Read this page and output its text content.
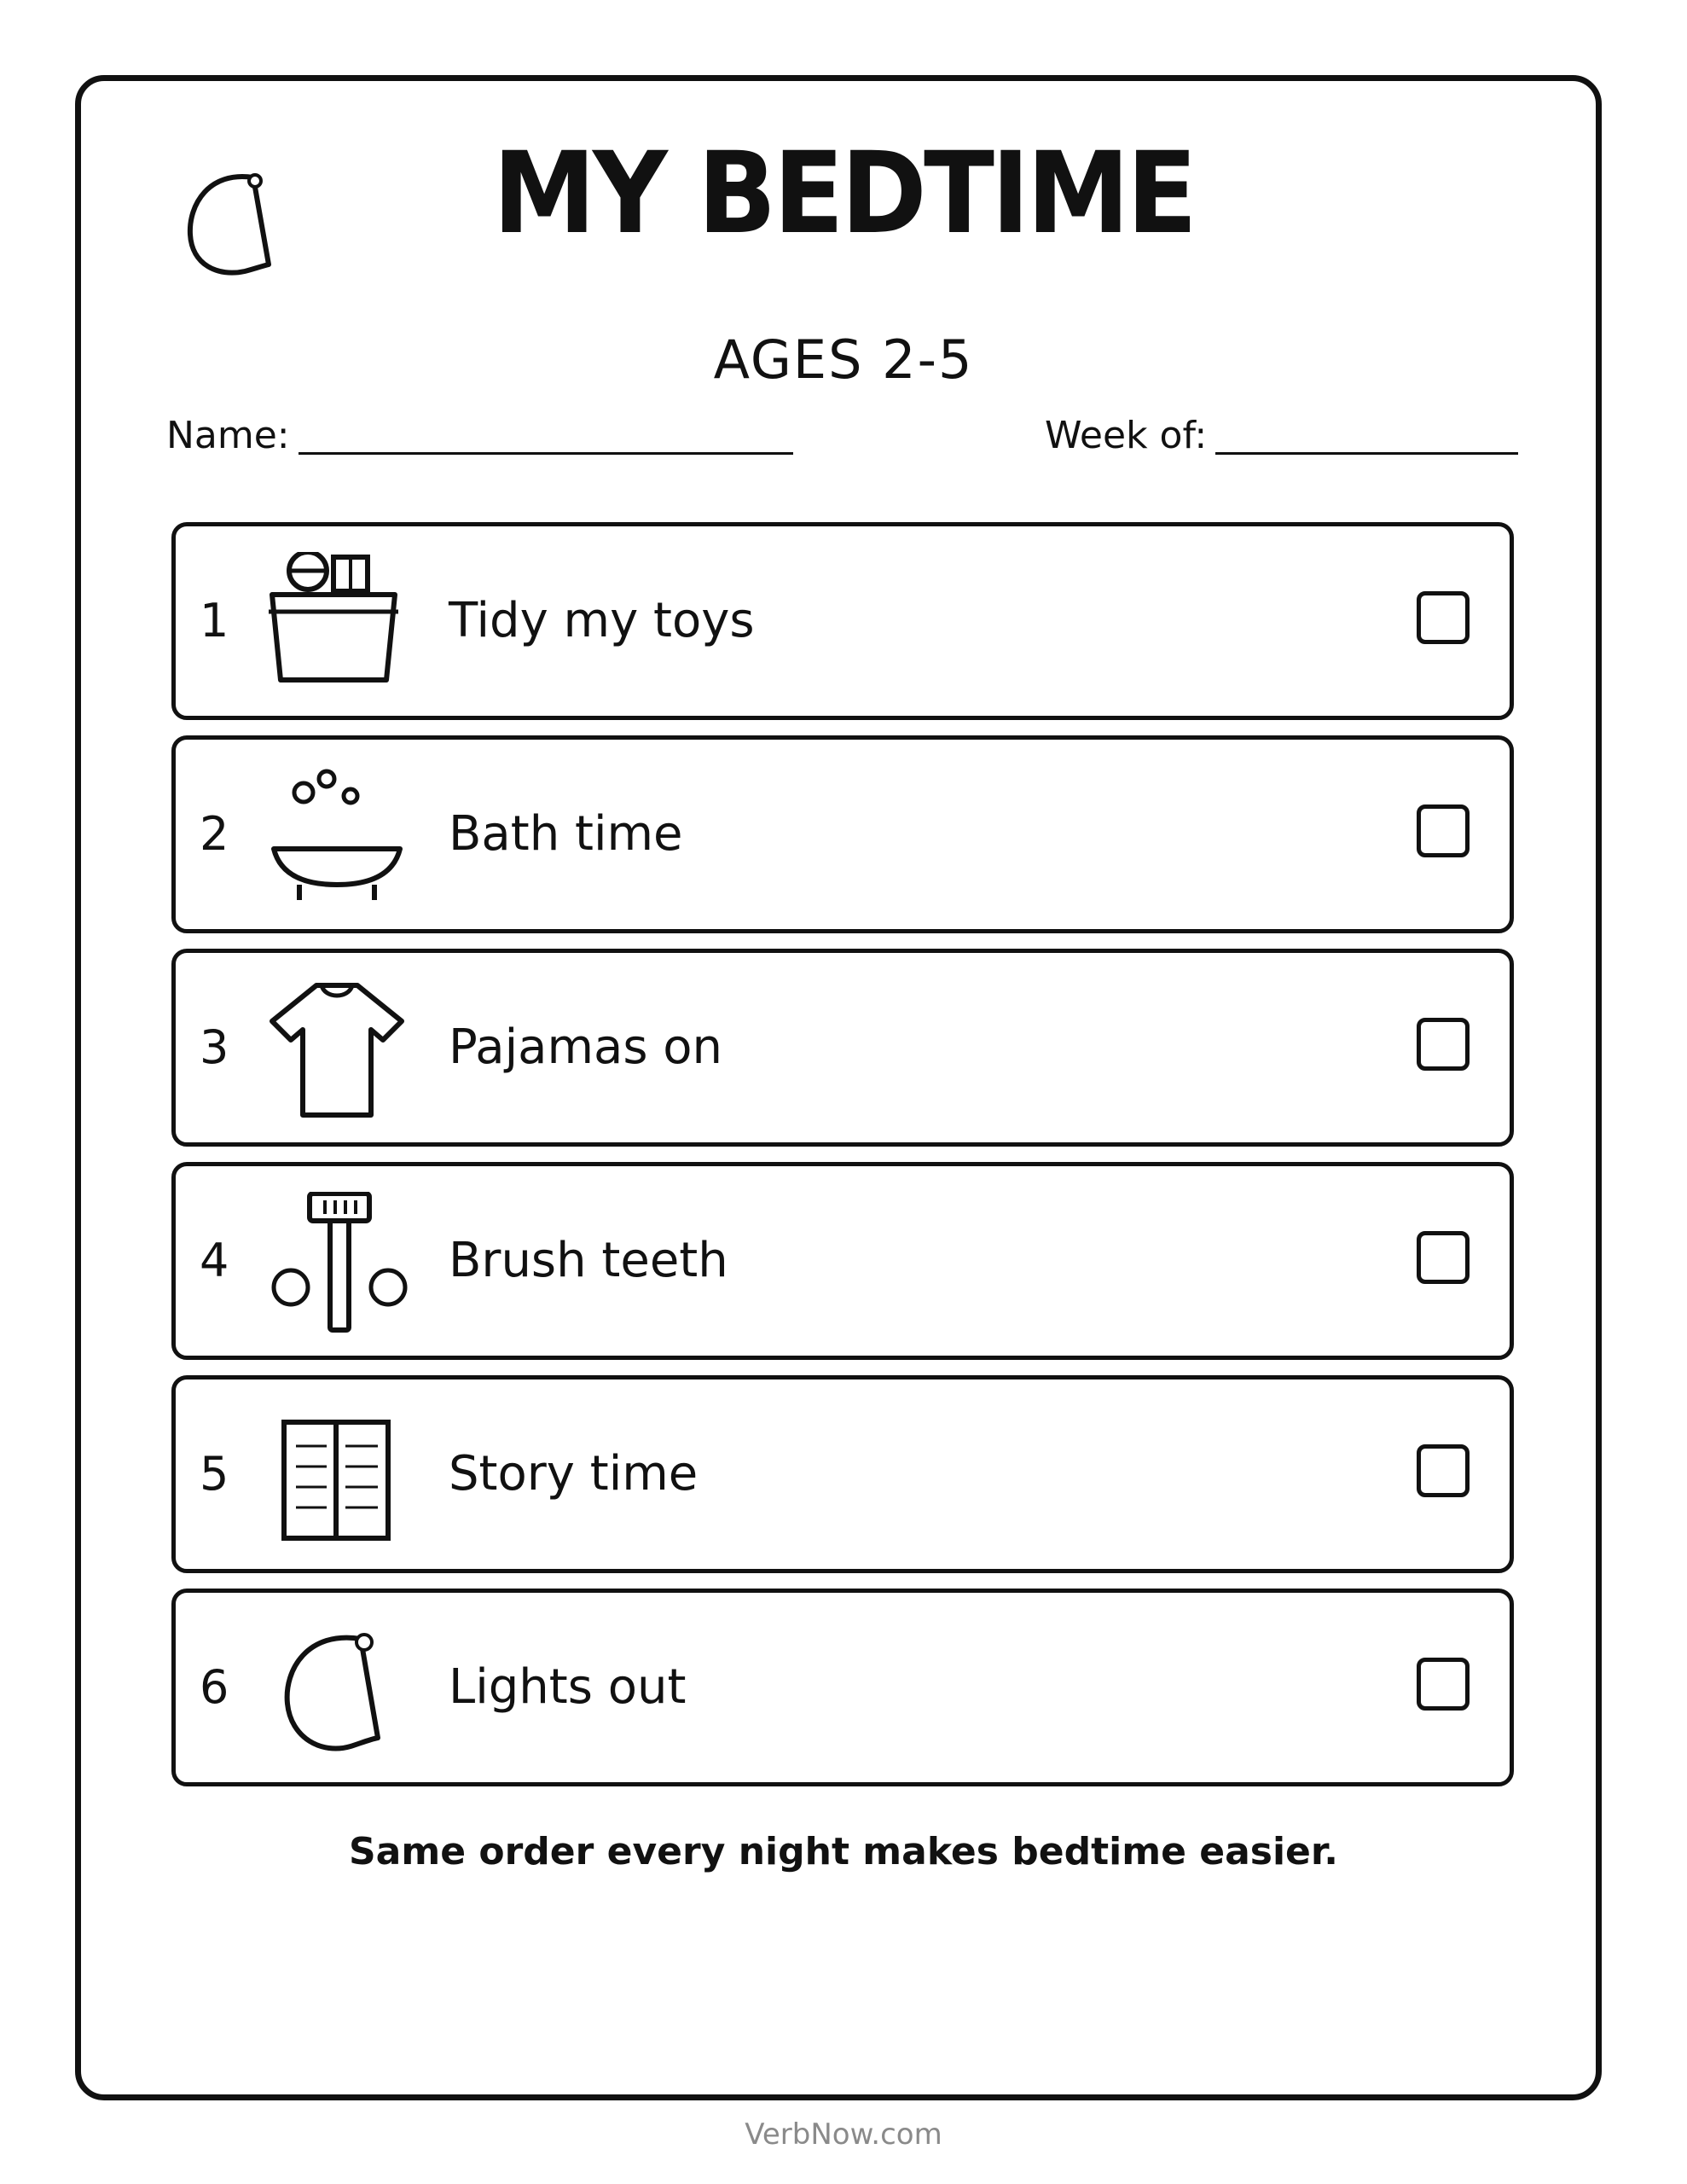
MY BEDTIME
AGES 2-5
Name:	Week of:
1	Tidy my toys
2	Bath time
3	Pajamas on
4	Brush teeth
5	Story time
6	Lights out
Same order every night makes bedtime easier.
VerbNow.com
